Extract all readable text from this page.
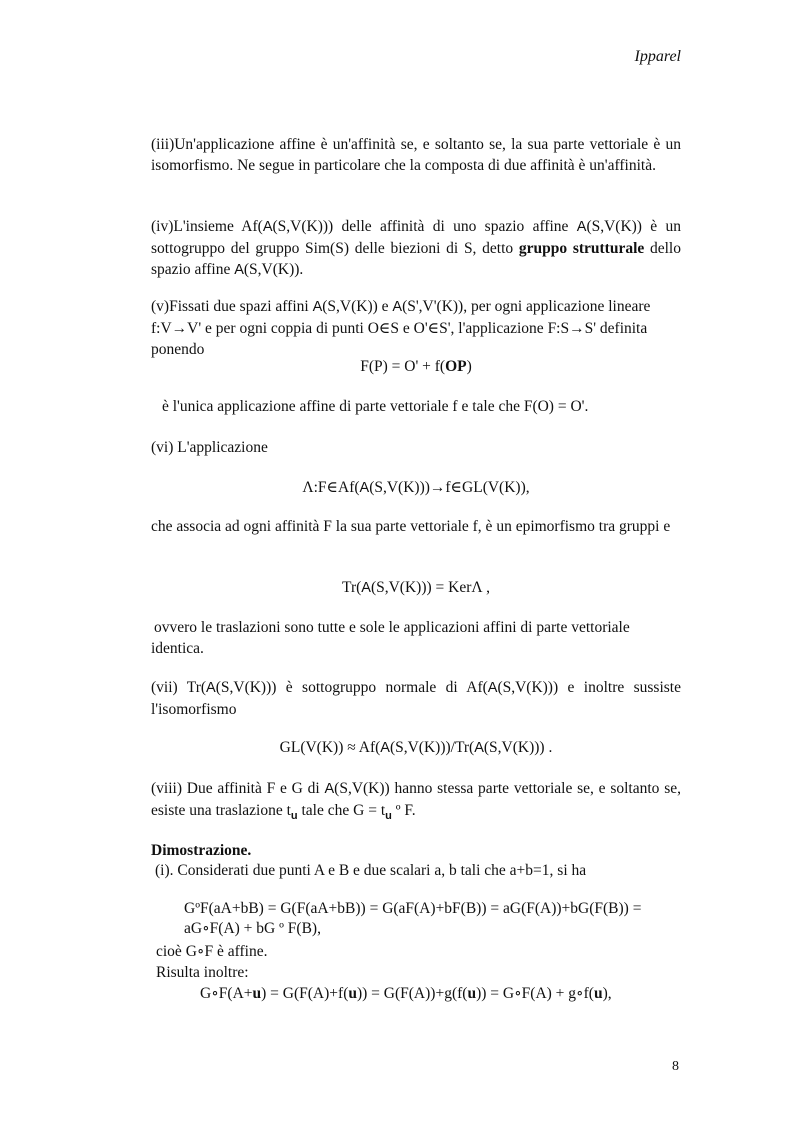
Ipparel

(iii)Un'applicazione affine è un'affinità se, e soltanto se, la sua parte vettoriale è un isomorfismo. Ne segue in particolare che la composta di due affinità è un'affinità.

(iv)L'insieme Af(A(S,V(K))) delle affinità di uno spazio affine A(S,V(K)) è un sottogruppo del gruppo Sim(S) delle biezioni di S, detto gruppo strutturale dello spazio affine A(S,V(K)).

(v)Fissati due spazi affini A(S,V(K)) e A(S',V'(K)), per ogni applicazione lineare f:V→V' e per ogni coppia di punti O∈S e O'∈S', l'applicazione F:S→S' definita ponendo

F(P) = O' + f(OP)
è l'unica applicazione affine di parte vettoriale f e tale che F(O) = O'.
(vi) L'applicazione
Λ:F∈Af(A(S,V(K)))→f∈GL(V(K)),

che associa ad ogni affinità F la sua parte vettoriale f, è un epimorfismo tra gruppi e

Tr(A(S,V(K))) = KerΛ ,

ovvero le traslazioni sono tutte e sole le applicazioni affini di parte vettoriale identica.

(vii) Tr(A(S,V(K))) è sottogruppo normale di Af(A(S,V(K))) e inoltre sussiste l'isomorfismo

GL(V(K)) ≈ Af(A(S,V(K)))/Tr(A(S,V(K))) .

(viii) Due affinità F e G di A(S,V(K)) hanno stessa parte vettoriale se, e soltanto se, esiste una traslazione $t_u$ tale che $G = t_u$ º F.

Dimostrazione.
(i). Considerati due punti A e B e due scalari a, b tali che a+b=1, si ha
GºF(aA+bB) = G(F(aA+bB)) = G(aF(A)+bF(B)) = aG(F(A))+bG(F(B)) =
aG∘F(A) + bG º F(B),
cioè G∘F è affine.
Risulta inoltre:
G∘F(A+u) = G(F(A)+f(u)) = G(F(A))+g(f(u)) = G∘F(A) + g∘f(u),
8
